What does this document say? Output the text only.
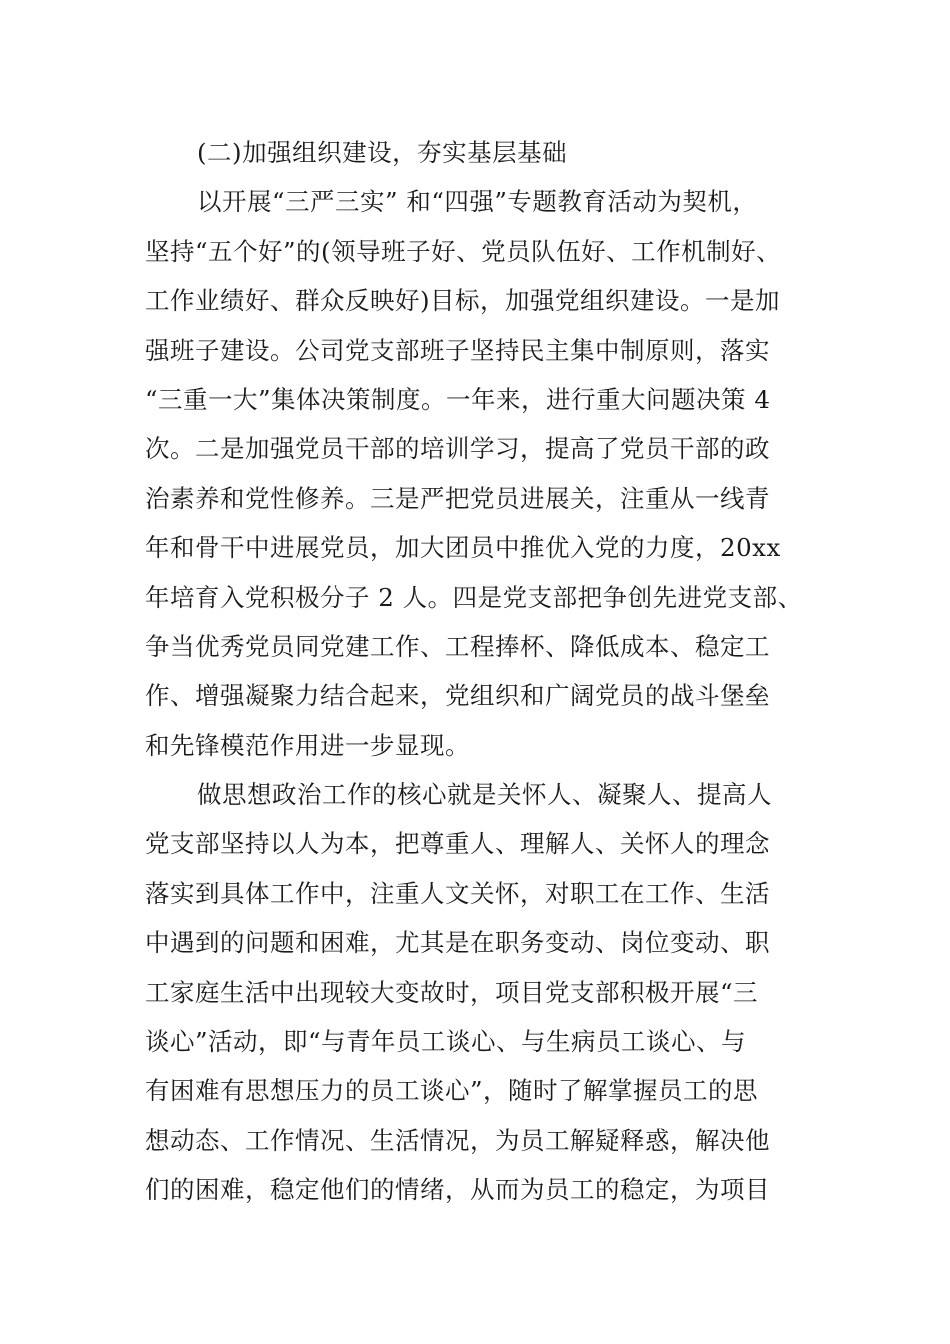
(二)加强组织建设，夯实基层基础
以开展“三严三实” 和“四强”专题教育活动为契机，
坚持“五个好”的(领导班子好、党员队伍好、工作机制好、
工作业绩好、群众反映好)目标，加强党组织建设。一是加
强班子建设。公司党支部班子坚持民主集中制原则，落实
“三重一大”集体决策制度。一年来，进行重大问题决策 4
次。二是加强党员干部的培训学习，提高了党员干部的政
治素养和党性修养。三是严把党员进展关，注重从一线青
年和骨干中进展党员，加大团员中推优入党的力度，20xx
年培育入党积极分子 2 人。四是党支部把争创先进党支部、
争当优秀党员同党建工作、工程捧杯、降低成本、稳定工
作、增强凝聚力结合起来，党组织和广阔党员的战斗堡垒
和先锋模范作用进一步显现。
做思想政治工作的核心就是关怀人、凝聚人、提高人
党支部坚持以人为本，把尊重人、理解人、关怀人的理念
落实到具体工作中，注重人文关怀，对职工在工作、生活
中遇到的问题和困难，尤其是在职务变动、岗位变动、职
工家庭生活中出现较大变故时，项目党支部积极开展“三
谈心”活动，即“与青年员工谈心、与生病员工谈心、与
有困难有思想压力的员工谈心”，随时了解掌握员工的思
想动态、工作情况、生活情况，为员工解疑释惑，解决他
们的困难，稳定他们的情绪，从而为员工的稳定，为项目
